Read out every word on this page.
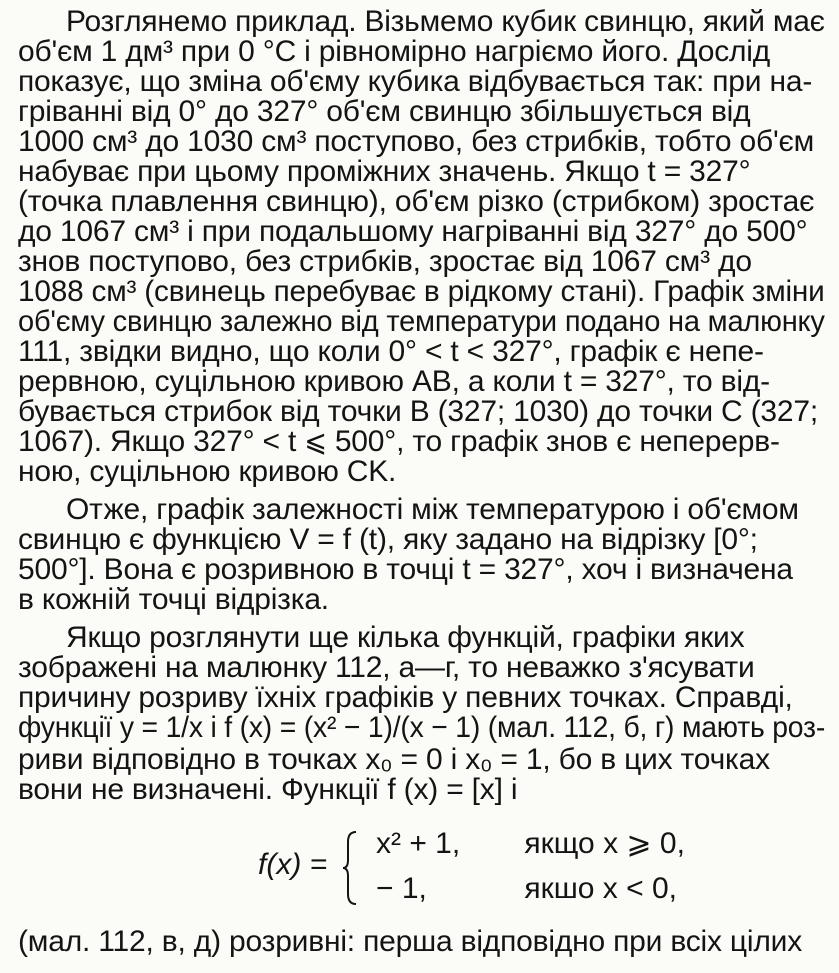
Розглянемо приклад. Візьмемо кубик свинцю, який має
об'єм 1 дм³ при 0 °С і рівномірно нагріємо його. Дослід
показує, що зміна об'єму кубика відбувається так: при на-
гріванні від 0° до 327° об'єм свинцю збільшується від
1000 см³ до 1030 см³ поступово, без стрибків, тобто об'єм
набуває при цьому проміжних значень. Якщо t = 327°
(точка плавлення свинцю), об'єм різко (стрибком) зростає
до 1067 см³ і при подальшому нагріванні від 327° до 500°
знов поступово, без стрибків, зростає від 1067 см³ до
1088 см³ (свинець перебуває в рідкому стані). Графік зміни
об'єму свинцю залежно від температури подано на малюнку
111, звідки видно, що коли 0° < t < 327°, графік є непе-
рервною, суцільною кривою AB, а коли t = 327°, то від-
бувається стрибок від точки B (327; 1030) до точки C (327;
1067). Якщо 327° < t ⩽ 500°, то графік знов є неперерв-
ною, суцільною кривою CK.
Отже, графік залежності між температурою і об'ємом
свинцю є функцією V = f (t), яку задано на відрізку [0°;
500°]. Вона є розривною в точці t = 327°, хоч і визначена
в кожній точці відрізка.
Якщо розглянути ще кілька функцій, графіки яких
зображені на малюнку 112, а—г, то неважко з'ясувати
причину розриву їхніх графіків у певних точках. Справді,
функції y = 1/x і f (x) = (x² − 1)/(x − 1) (мал. 112, б, г) мають роз-
риви відповідно в точках x₀ = 0 і x₀ = 1, бо в цих точках
вони не визначені. Функції f (x) = [x] і
f(x) =
x² + 1, якщо x ⩾ 0,
− 1,	якшо x < 0,
(мал. 112, в, д) розривні: перша відповідно при всіх цілих
